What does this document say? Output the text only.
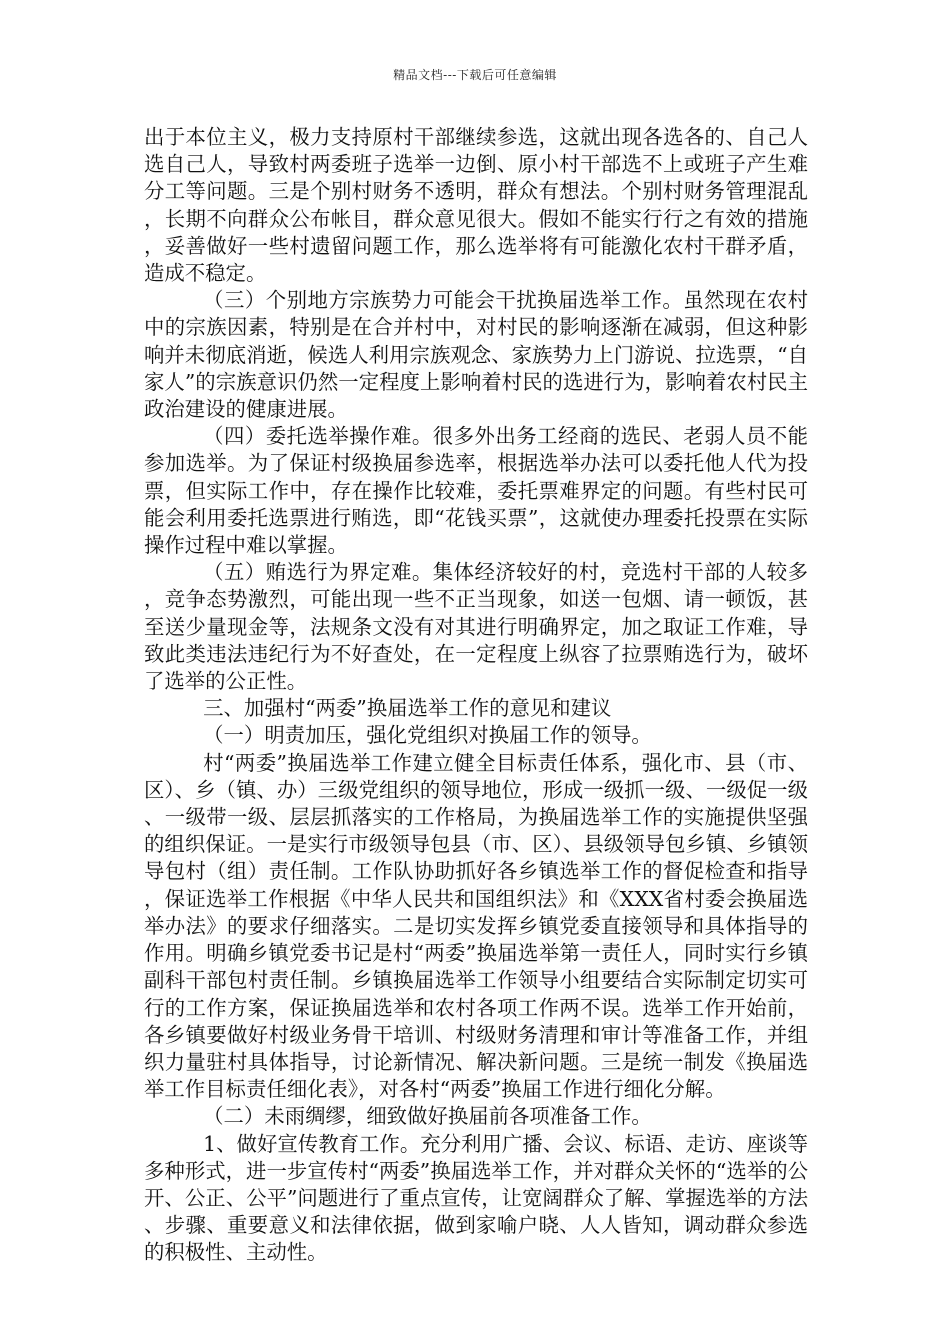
精品文档---下载后可任意编辑

出于本位主义，极力支持原村干部继续参选，这就出现各选各的、自己人选自己人，导致村两委班子选举一边倒、原小村干部选不上或班子产生难分工等问题。三是个别村财务不透明，群众有想法。个别村财务管理混乱，长期不向群众公布帐目，群众意见很大。假如不能实行行之有效的措施，妥善做好一些村遗留问题工作，那么选举将有可能激化农村干群矛盾，造成不稳定。

（三）个别地方宗族势力可能会干扰换届选举工作。虽然现在农村中的宗族因素，特别是在合并村中，对村民的影响逐渐在减弱，但这种影响并未彻底消逝，候选人利用宗族观念、家族势力上门游说、拉选票，“自家人”的宗族意识仍然一定程度上影响着村民的选进行为，影响着农村民主政治建设的健康进展。

（四）委托选举操作难。很多外出务工经商的选民、老弱人员不能参加选举。为了保证村级换届参选率，根据选举办法可以委托他人代为投票，但实际工作中，存在操作比较难，委托票难界定的问题。有些村民可能会利用委托选票进行贿选，即“花钱买票”，这就使办理委托投票在实际操作过程中难以掌握。

（五）贿选行为界定难。集体经济较好的村，竞选村干部的人较多，竞争态势激烈，可能出现一些不正当现象，如送一包烟、请一顿饭，甚至送少量现金等，法规条文没有对其进行明确界定，加之取证工作难，导致此类违法违纪行为不好查处，在一定程度上纵容了拉票贿选行为，破坏了选举的公正性。

三、加强村“两委”换届选举工作的意见和建议

（一）明责加压，强化党组织对换届工作的领导。

村“两委”换届选举工作建立健全目标责任体系，强化市、县（市、区）、乡（镇、办）三级党组织的领导地位，形成一级抓一级、一级促一级、一级带一级、层层抓落实的工作格局，为换届选举工作的实施提供坚强的组织保证。一是实行市级领导包县（市、区）、县级领导包乡镇、乡镇领导包村（组）责任制。工作队协助抓好各乡镇选举工作的督促检查和指导，保证选举工作根据《中华人民共和国组织法》和《XXX省村委会换届选举办法》的要求仔细落实。二是切实发挥乡镇党委直接领导和具体指导的作用。明确乡镇党委书记是村“两委”换届选举第一责任人，同时实行乡镇副科干部包村责任制。乡镇换届选举工作领导小组要结合实际制定切实可行的工作方案，保证换届选举和农村各项工作两不误。选举工作开始前，各乡镇要做好村级业务骨干培训、村级财务清理和审计等准备工作，并组织力量驻村具体指导，讨论新情况、解决新问题。三是统一制发《换届选举工作目标责任细化表》，对各村“两委”换届工作进行细化分解。

（二）未雨绸缪，细致做好换届前各项准备工作。

1、做好宣传教育工作。充分利用广播、会议、标语、走访、座谈等多种形式，进一步宣传村“两委”换届选举工作，并对群众关怀的“选举的公开、公正、公平”问题进行了重点宣传，让宽阔群众了解、掌握选举的方法、步骤、重要意义和法律依据，做到家喻户晓、人人皆知，调动群众参选的积极性、主动性。
